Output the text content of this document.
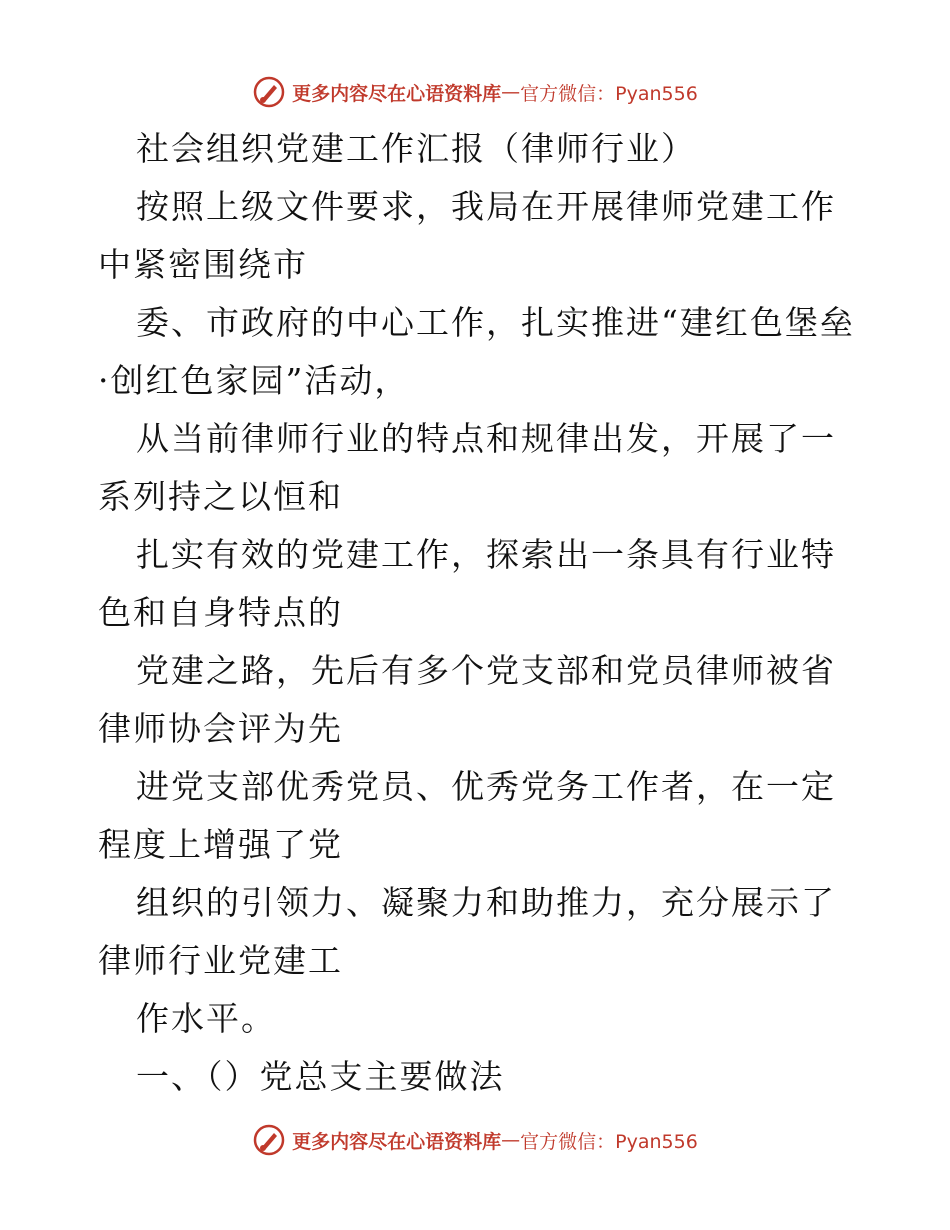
更多内容尽在心语资料库 — 官方微信：Pyan556

社会组织党建工作汇报（律师行业）

按照上级文件要求，我局在开展律师党建工作中紧密围绕市

委、市政府的中心工作，扎实推进“建红色堡垒·创红色家园”活动，

从当前律师行业的特点和规律出发，开展了一系列持之以恒和

扎实有效的党建工作，探索出一条具有行业特色和自身特点的

党建之路，先后有多个党支部和党员律师被省律师协会评为先

进党支部优秀党员、优秀党务工作者，在一定程度上增强了党

组织的引领力、凝聚力和助推力，充分展示了律师行业党建工

作水平。

一、（）党总支主要做法

更多内容尽在心语资料库 — 官方微信：Pyan556
